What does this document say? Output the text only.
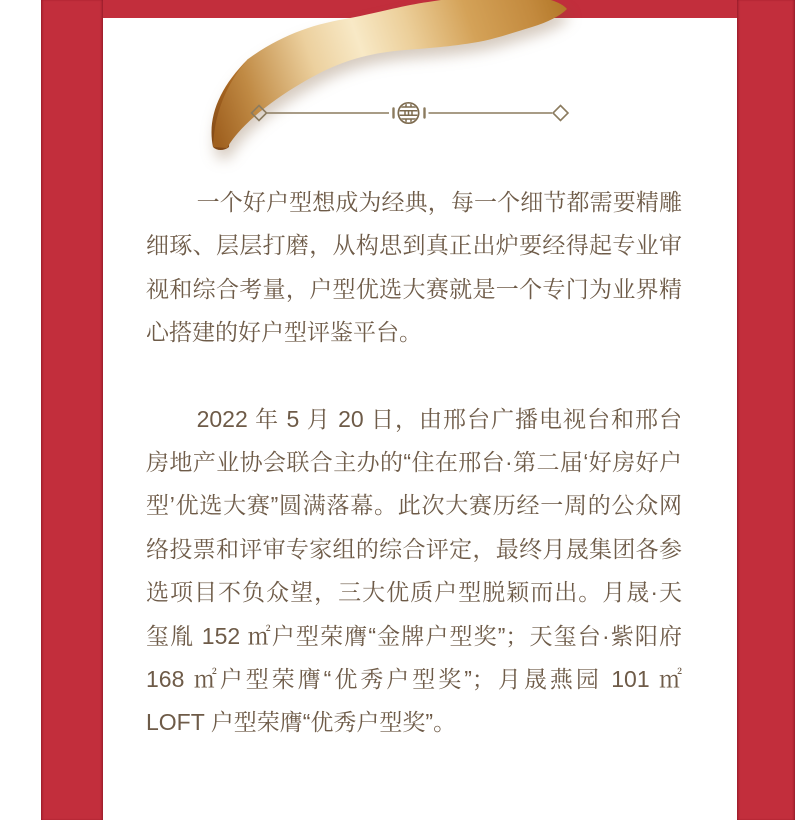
一个好户型想成为经典，每一个细节都需要精雕细琢、层层打磨，从构思到真正出炉要经得起专业审视和综合考量，户型优选大赛就是一个专门为业界精心搭建的好户型评鉴平台。

2022 年 5 月 20 日，由邢台广播电视台和邢台房地产业协会联合主办的“住在邢台·第二届‘好房好户型’优选大赛”圆满落幕。此次大赛历经一周的公众网络投票和评审专家组的综合评定，最终月晟集团各参选项目不负众望，三大优质户型脱颖而出。月晟·天玺胤 152 ㎡户型荣膺“金牌户型奖”；天玺台·紫阳府 168 ㎡户型荣膺“优秀户型奖”；月晟燕园 101 ㎡ LOFT 户型荣膺“优秀户型奖”。
